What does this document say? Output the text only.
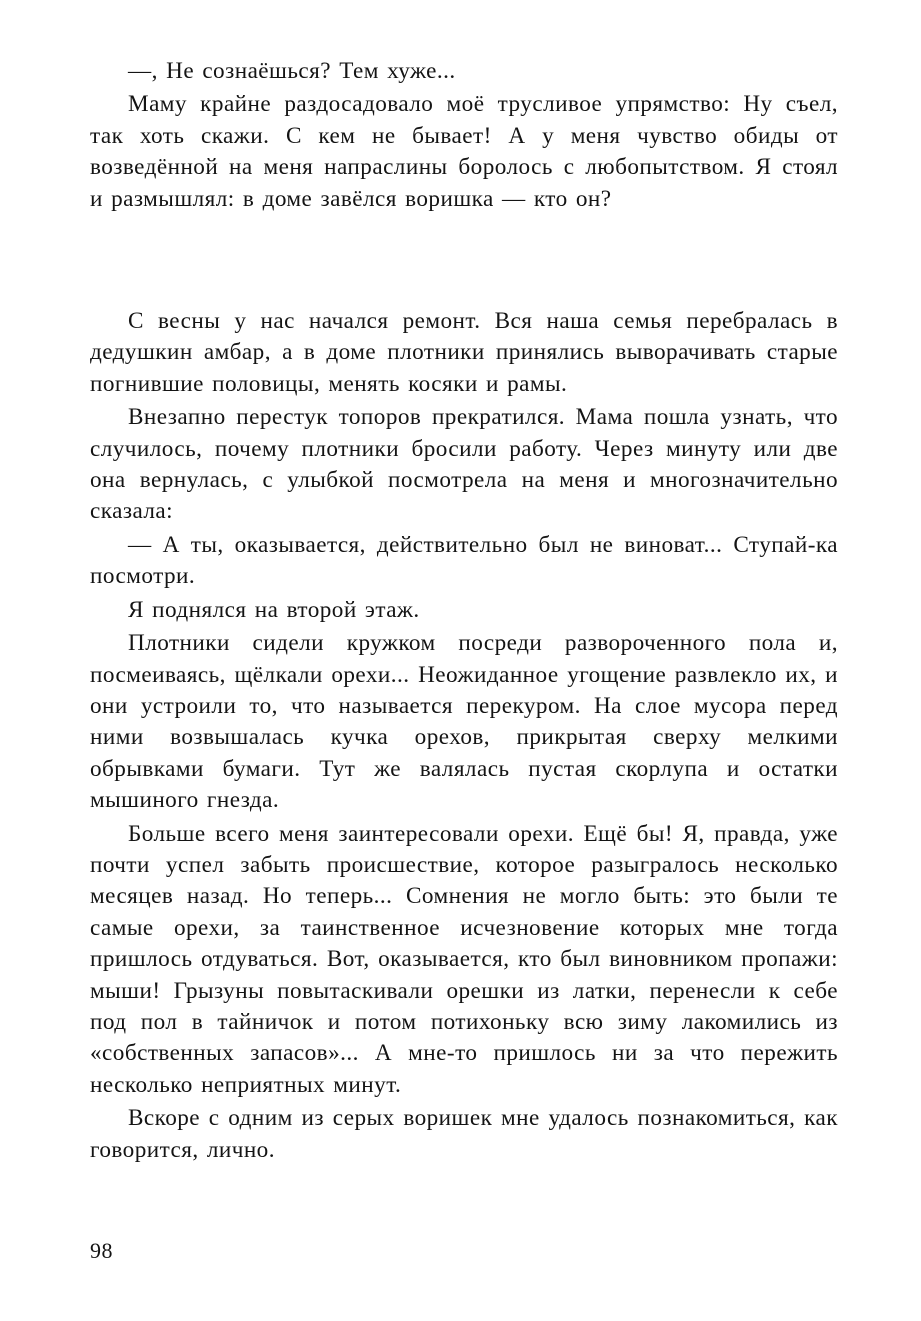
—, Не сознаёшься? Тем хуже...

Маму крайне раздосадовало моё трусливое упрямство: Ну съел, так хоть скажи. С кем не бывает! А у меня чувство обиды от возведённой на меня напраслины боролось с любопытством. Я стоял и размышлял: в доме завёлся воришка — кто он?

С весны у нас начался ремонт. Вся наша семья перебралась в дедушкин амбар, а в доме плотники принялись выворачивать старые погнившие половицы, менять косяки и рамы.

Внезапно перестук топоров прекратился. Мама пошла узнать, что случилось, почему плотники бросили работу. Через минуту или две она вернулась, с улыбкой посмотрела на меня и многозначительно сказала:

— А ты, оказывается, действительно был не виноват... Ступай-ка посмотри.

Я поднялся на второй этаж.

Плотники сидели кружком посреди развороченного пола и, посмеиваясь, щёлкали орехи... Неожиданное угощение развлекло их, и они устроили то, что называется перекуром. На слое мусора перед ними возвышалась кучка орехов, прикрытая сверху мелкими обрывками бумаги. Тут же валялась пустая скорлупа и остатки мышиного гнезда.

Больше всего меня заинтересовали орехи. Ещё бы! Я, правда, уже почти успел забыть происшествие, которое разыгралось несколько месяцев назад. Но теперь... Сомнения не могло быть: это были те самые орехи, за таинственное исчезновение которых мне тогда пришлось отдуваться. Вот, оказывается, кто был виновником пропажи: мыши! Грызуны повытаскивали орешки из латки, перенесли к себе под пол в тайничок и потом потихоньку всю зиму лакомились из «собственных запасов»... А мне-то пришлось ни за что пережить несколько неприятных минут.

Вскоре с одним из серых воришек мне удалось познакомиться, как говорится, лично.

98
